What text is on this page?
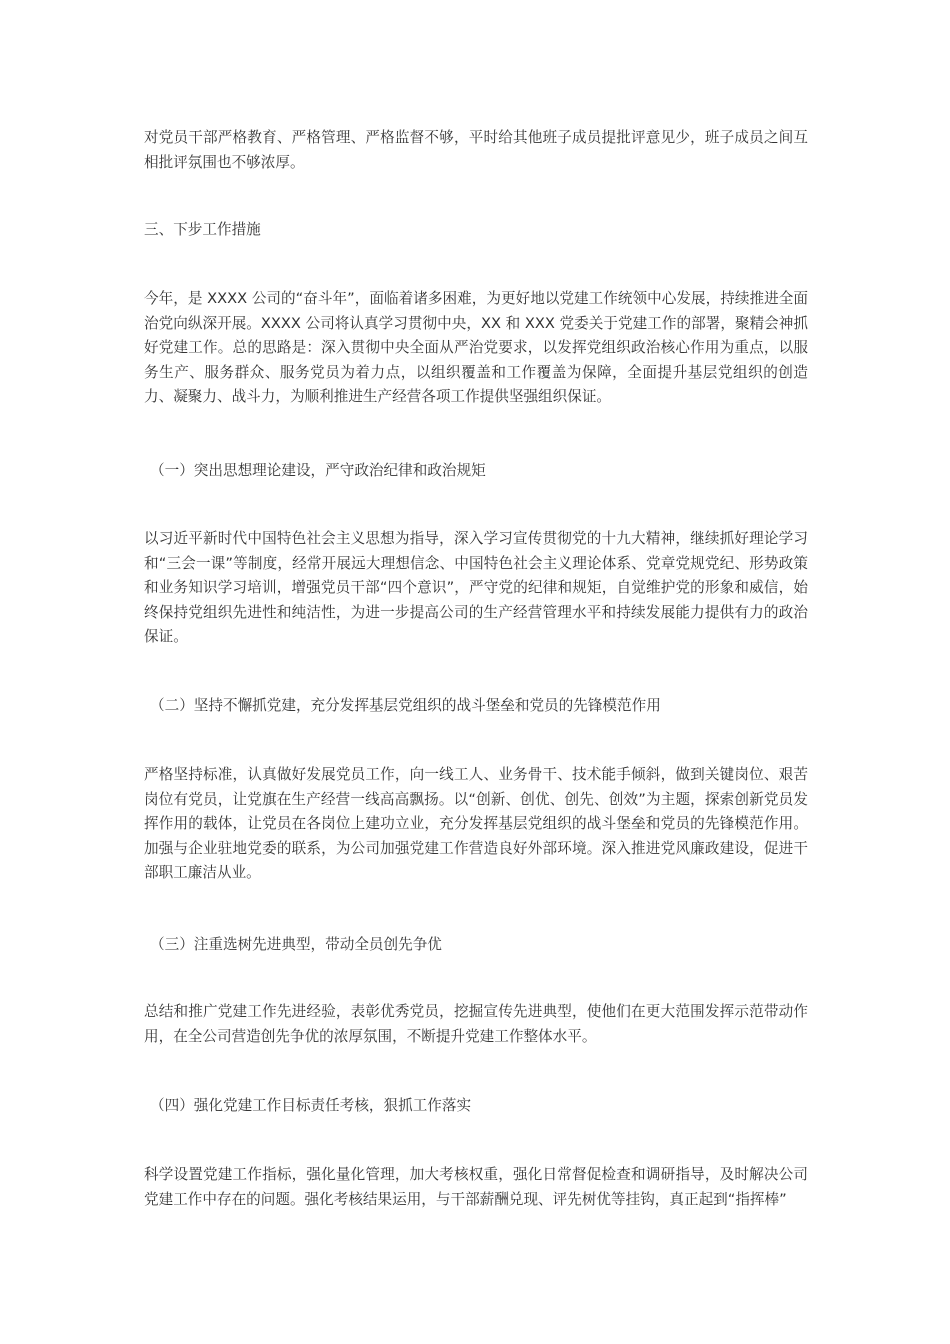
对党员干部严格教育、严格管理、严格监督不够，平时给其他班子成员提批评意见少，班子成员之间互相批评氛围也不够浓厚。

三、下步工作措施

今年，是 XXXX 公司的“奋斗年”，面临着诸多困难，为更好地以党建工作统领中心发展，持续推进全面治党向纵深开展。XXXX 公司将认真学习贯彻中央，XX 和 XXX 党委关于党建工作的部署，聚精会神抓好党建工作。总的思路是：深入贯彻中央全面从严治党要求，以发挥党组织政治核心作用为重点，以服务生产、服务群众、服务党员为着力点，以组织覆盖和工作覆盖为保障，全面提升基层党组织的创造力、凝聚力、战斗力，为顺利推进生产经营各项工作提供坚强组织保证。

（一）突出思想理论建设，严守政治纪律和政治规矩

以习近平新时代中国特色社会主义思想为指导，深入学习宣传贯彻党的十九大精神，继续抓好理论学习和“三会一课”等制度，经常开展远大理想信念、中国特色社会主义理论体系、党章党规党纪、形势政策和业务知识学习培训，增强党员干部“四个意识”，严守党的纪律和规矩，自觉维护党的形象和威信，始终保持党组织先进性和纯洁性，为进一步提高公司的生产经营管理水平和持续发展能力提供有力的政治保证。

（二）坚持不懈抓党建，充分发挥基层党组织的战斗堡垒和党员的先锋模范作用

严格坚持标准，认真做好发展党员工作，向一线工人、业务骨干、技术能手倾斜，做到关键岗位、艰苦岗位有党员，让党旗在生产经营一线高高飘扬。以“创新、创优、创先、创效”为主题，探索创新党员发挥作用的载体，让党员在各岗位上建功立业，充分发挥基层党组织的战斗堡垒和党员的先锋模范作用。加强与企业驻地党委的联系，为公司加强党建工作营造良好外部环境。深入推进党风廉政建设，促进干部职工廉洁从业。

（三）注重选树先进典型，带动全员创先争优

总结和推广党建工作先进经验，表彰优秀党员，挖掘宣传先进典型，使他们在更大范围发挥示范带动作用，在全公司营造创先争优的浓厚氛围，不断提升党建工作整体水平。

（四）强化党建工作目标责任考核，狠抓工作落实

科学设置党建工作指标，强化量化管理，加大考核权重，强化日常督促检查和调研指导，及时解决公司党建工作中存在的问题。强化考核结果运用，与干部薪酬兑现、评先树优等挂钩，真正起到“指挥棒”
